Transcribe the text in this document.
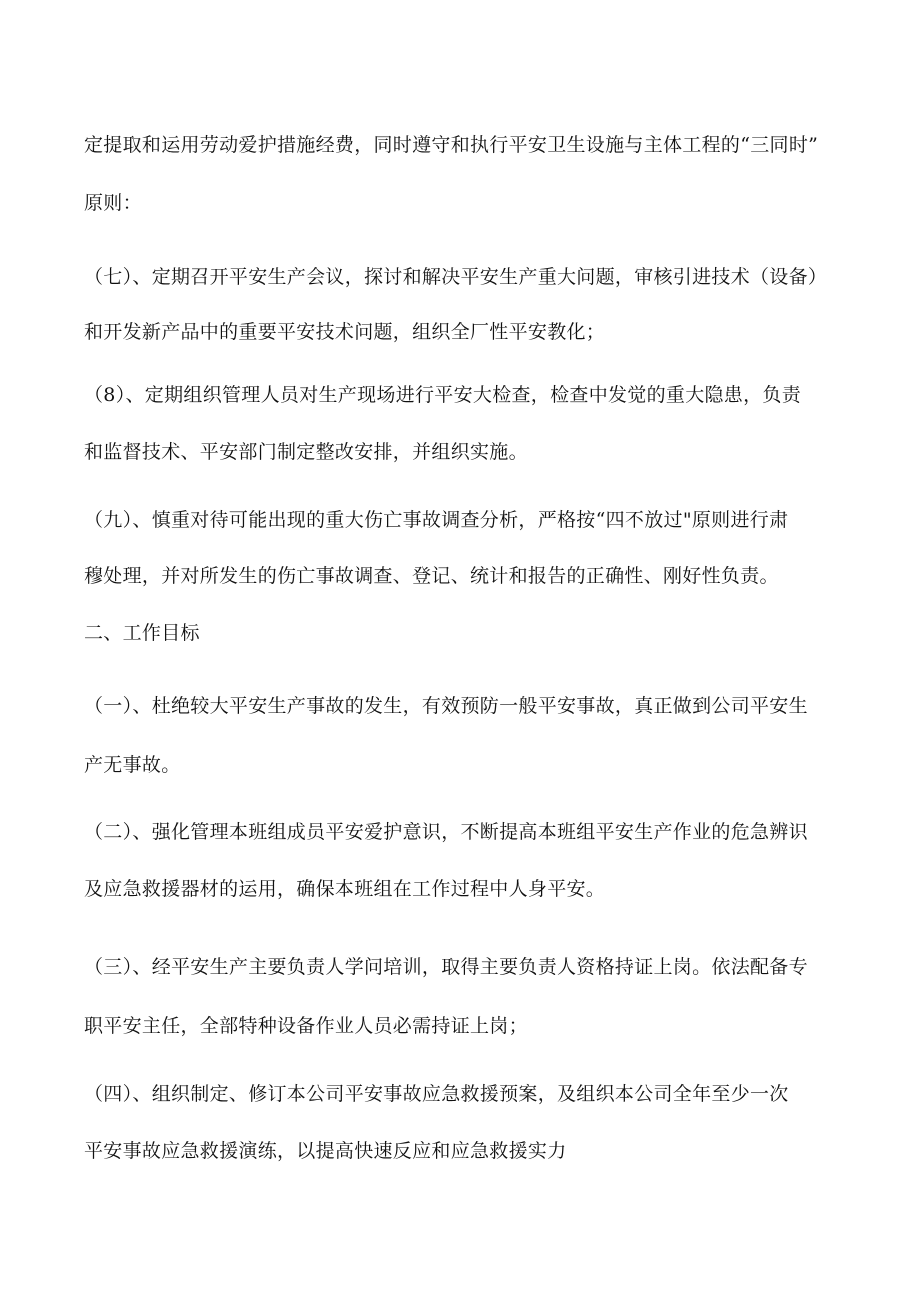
定提取和运用劳动爱护措施经费，同时遵守和执行平安卫生设施与主体工程的“三同时”
原则：
（七）、定期召开平安生产会议，探讨和解决平安生产重大问题，审核引进技术（设备）
和开发新产品中的重要平安技术问题，组织全厂性平安教化；
（8）、定期组织管理人员对生产现场进行平安大检查，检查中发觉的重大隐患，负责
和监督技术、平安部门制定整改安排，并组织实施。
（九）、慎重对待可能出现的重大伤亡事故调查分析，严格按“四不放过"原则进行肃
穆处理，并对所发生的伤亡事故调查、登记、统计和报告的正确性、刚好性负责。
二、工作目标
（一）、杜绝较大平安生产事故的发生，有效预防一般平安事故，真正做到公司平安生
产无事故。
（二）、强化管理本班组成员平安爱护意识，不断提高本班组平安生产作业的危急辨识
及应急救援器材的运用，确保本班组在工作过程中人身平安。
（三）、经平安生产主要负责人学问培训，取得主要负责人资格持证上岗。依法配备专
职平安主任，全部特种设备作业人员必需持证上岗；
（四）、组织制定、修订本公司平安事故应急救援预案，及组织本公司全年至少一次
平安事故应急救援演练，以提高快速反应和应急救援实力
